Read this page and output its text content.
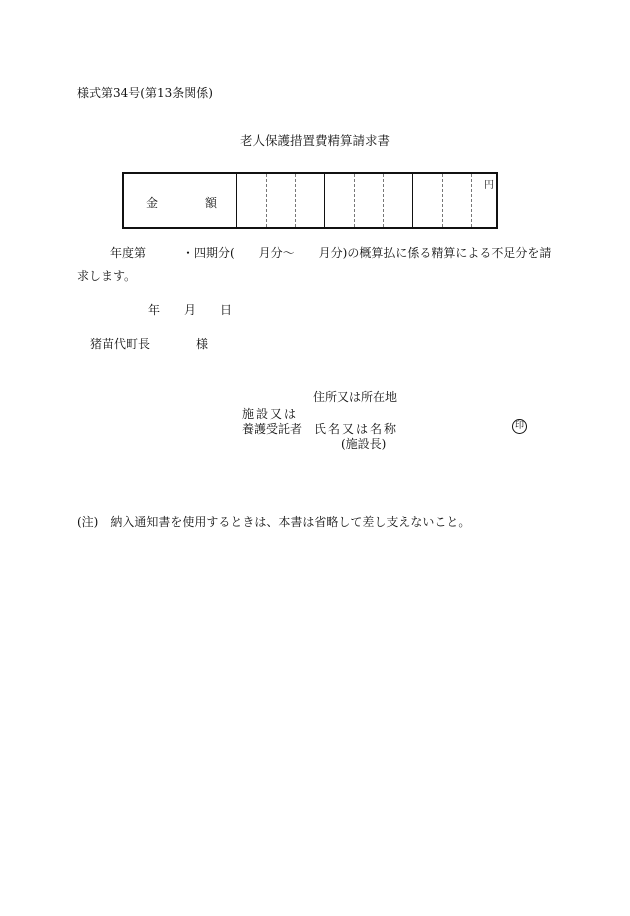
様式第34号(第13条関係)
老人保護措置費精算請求書
金	額
円
年度第　　　・四期分(　　月分～　　月分)の概算払に係る精算による不足分を請
求します。
年 月 日
猪苗代町長	様
住所又は所在地
施設又は
養護受託者 氏名又は名称
(施設長)
印
(注)　納入通知書を使用するときは、本書は省略して差し支えないこと。
